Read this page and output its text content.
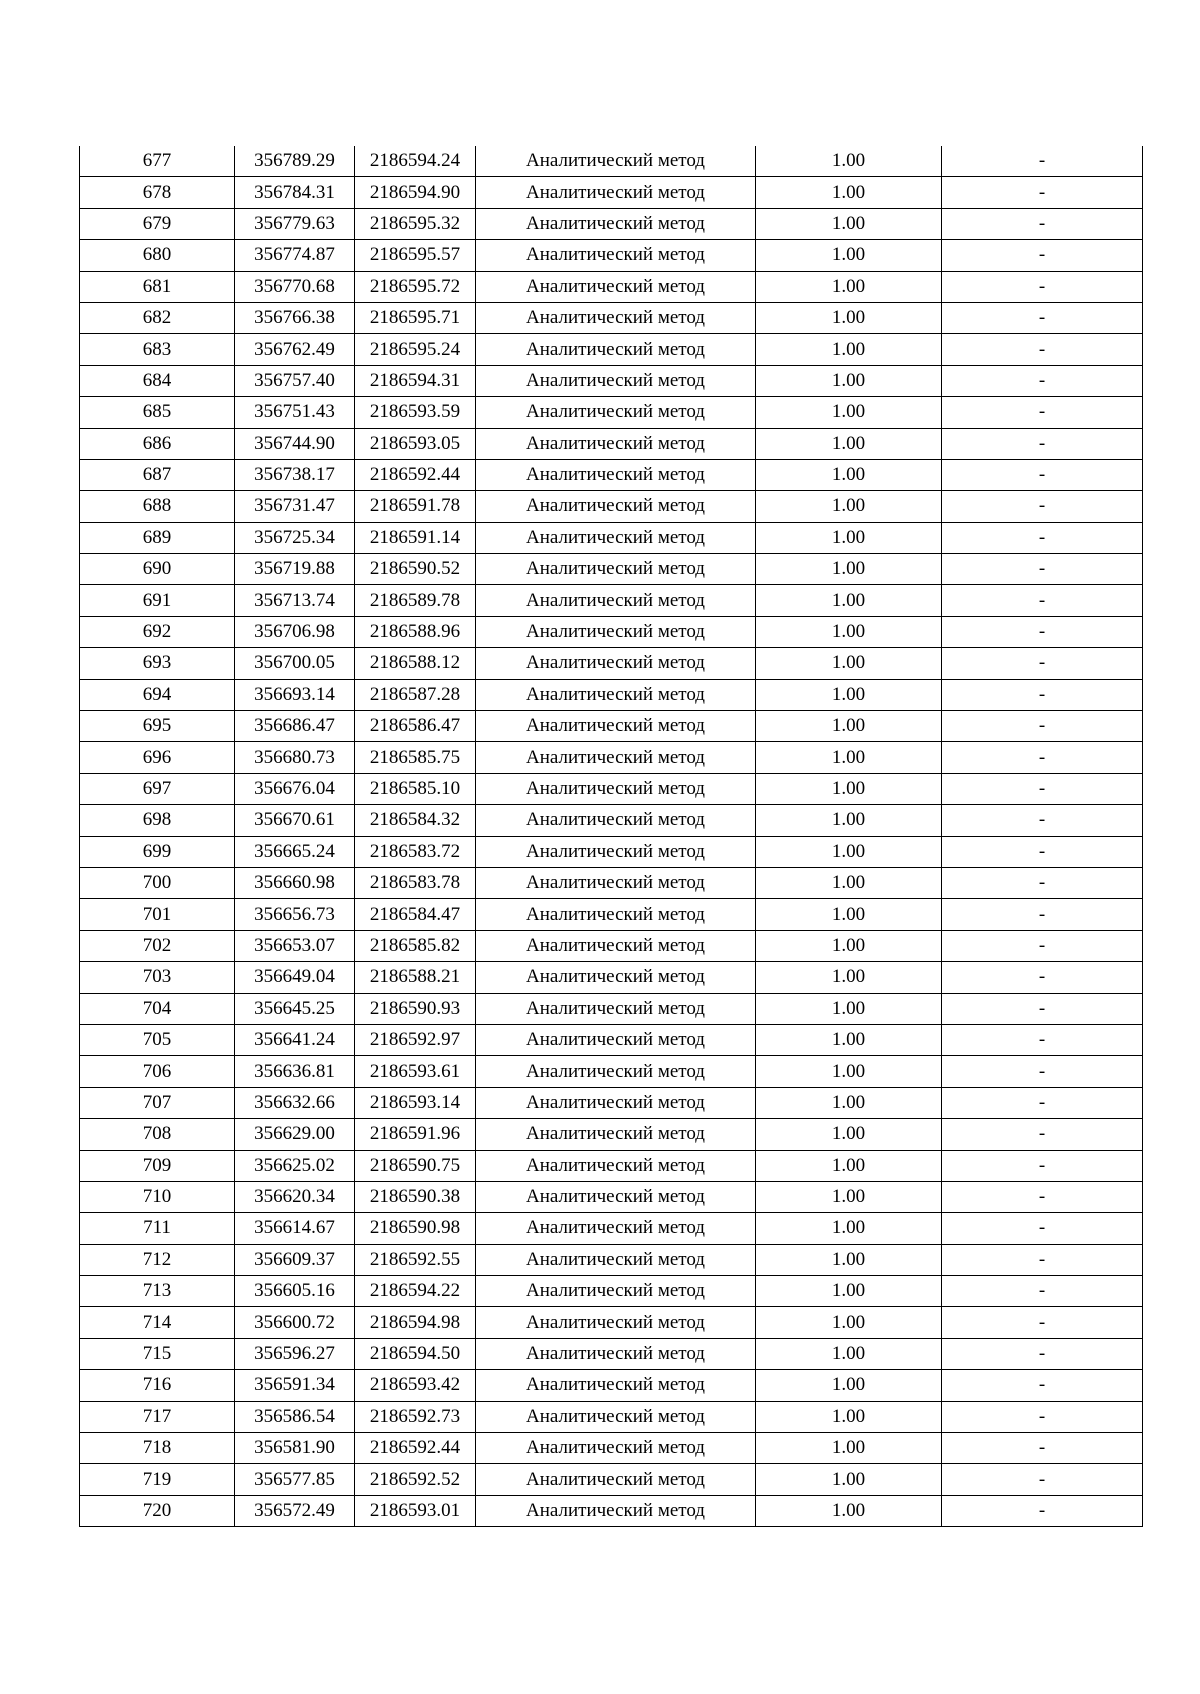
677	356789.29	2186594.24	Аналитический метод	1.00	-
678	356784.31	2186594.90	Аналитический метод	1.00	-
679	356779.63	2186595.32	Аналитический метод	1.00	-
680	356774.87	2186595.57	Аналитический метод	1.00	-
681	356770.68	2186595.72	Аналитический метод	1.00	-
682	356766.38	2186595.71	Аналитический метод	1.00	-
683	356762.49	2186595.24	Аналитический метод	1.00	-
684	356757.40	2186594.31	Аналитический метод	1.00	-
685	356751.43	2186593.59	Аналитический метод	1.00	-
686	356744.90	2186593.05	Аналитический метод	1.00	-
687	356738.17	2186592.44	Аналитический метод	1.00	-
688	356731.47	2186591.78	Аналитический метод	1.00	-
689	356725.34	2186591.14	Аналитический метод	1.00	-
690	356719.88	2186590.52	Аналитический метод	1.00	-
691	356713.74	2186589.78	Аналитический метод	1.00	-
692	356706.98	2186588.96	Аналитический метод	1.00	-
693	356700.05	2186588.12	Аналитический метод	1.00	-
694	356693.14	2186587.28	Аналитический метод	1.00	-
695	356686.47	2186586.47	Аналитический метод	1.00	-
696	356680.73	2186585.75	Аналитический метод	1.00	-
697	356676.04	2186585.10	Аналитический метод	1.00	-
698	356670.61	2186584.32	Аналитический метод	1.00	-
699	356665.24	2186583.72	Аналитический метод	1.00	-
700	356660.98	2186583.78	Аналитический метод	1.00	-
701	356656.73	2186584.47	Аналитический метод	1.00	-
702	356653.07	2186585.82	Аналитический метод	1.00	-
703	356649.04	2186588.21	Аналитический метод	1.00	-
704	356645.25	2186590.93	Аналитический метод	1.00	-
705	356641.24	2186592.97	Аналитический метод	1.00	-
706	356636.81	2186593.61	Аналитический метод	1.00	-
707	356632.66	2186593.14	Аналитический метод	1.00	-
708	356629.00	2186591.96	Аналитический метод	1.00	-
709	356625.02	2186590.75	Аналитический метод	1.00	-
710	356620.34	2186590.38	Аналитический метод	1.00	-
711	356614.67	2186590.98	Аналитический метод	1.00	-
712	356609.37	2186592.55	Аналитический метод	1.00	-
713	356605.16	2186594.22	Аналитический метод	1.00	-
714	356600.72	2186594.98	Аналитический метод	1.00	-
715	356596.27	2186594.50	Аналитический метод	1.00	-
716	356591.34	2186593.42	Аналитический метод	1.00	-
717	356586.54	2186592.73	Аналитический метод	1.00	-
718	356581.90	2186592.44	Аналитический метод	1.00	-
719	356577.85	2186592.52	Аналитический метод	1.00	-
720	356572.49	2186593.01	Аналитический метод	1.00	-
